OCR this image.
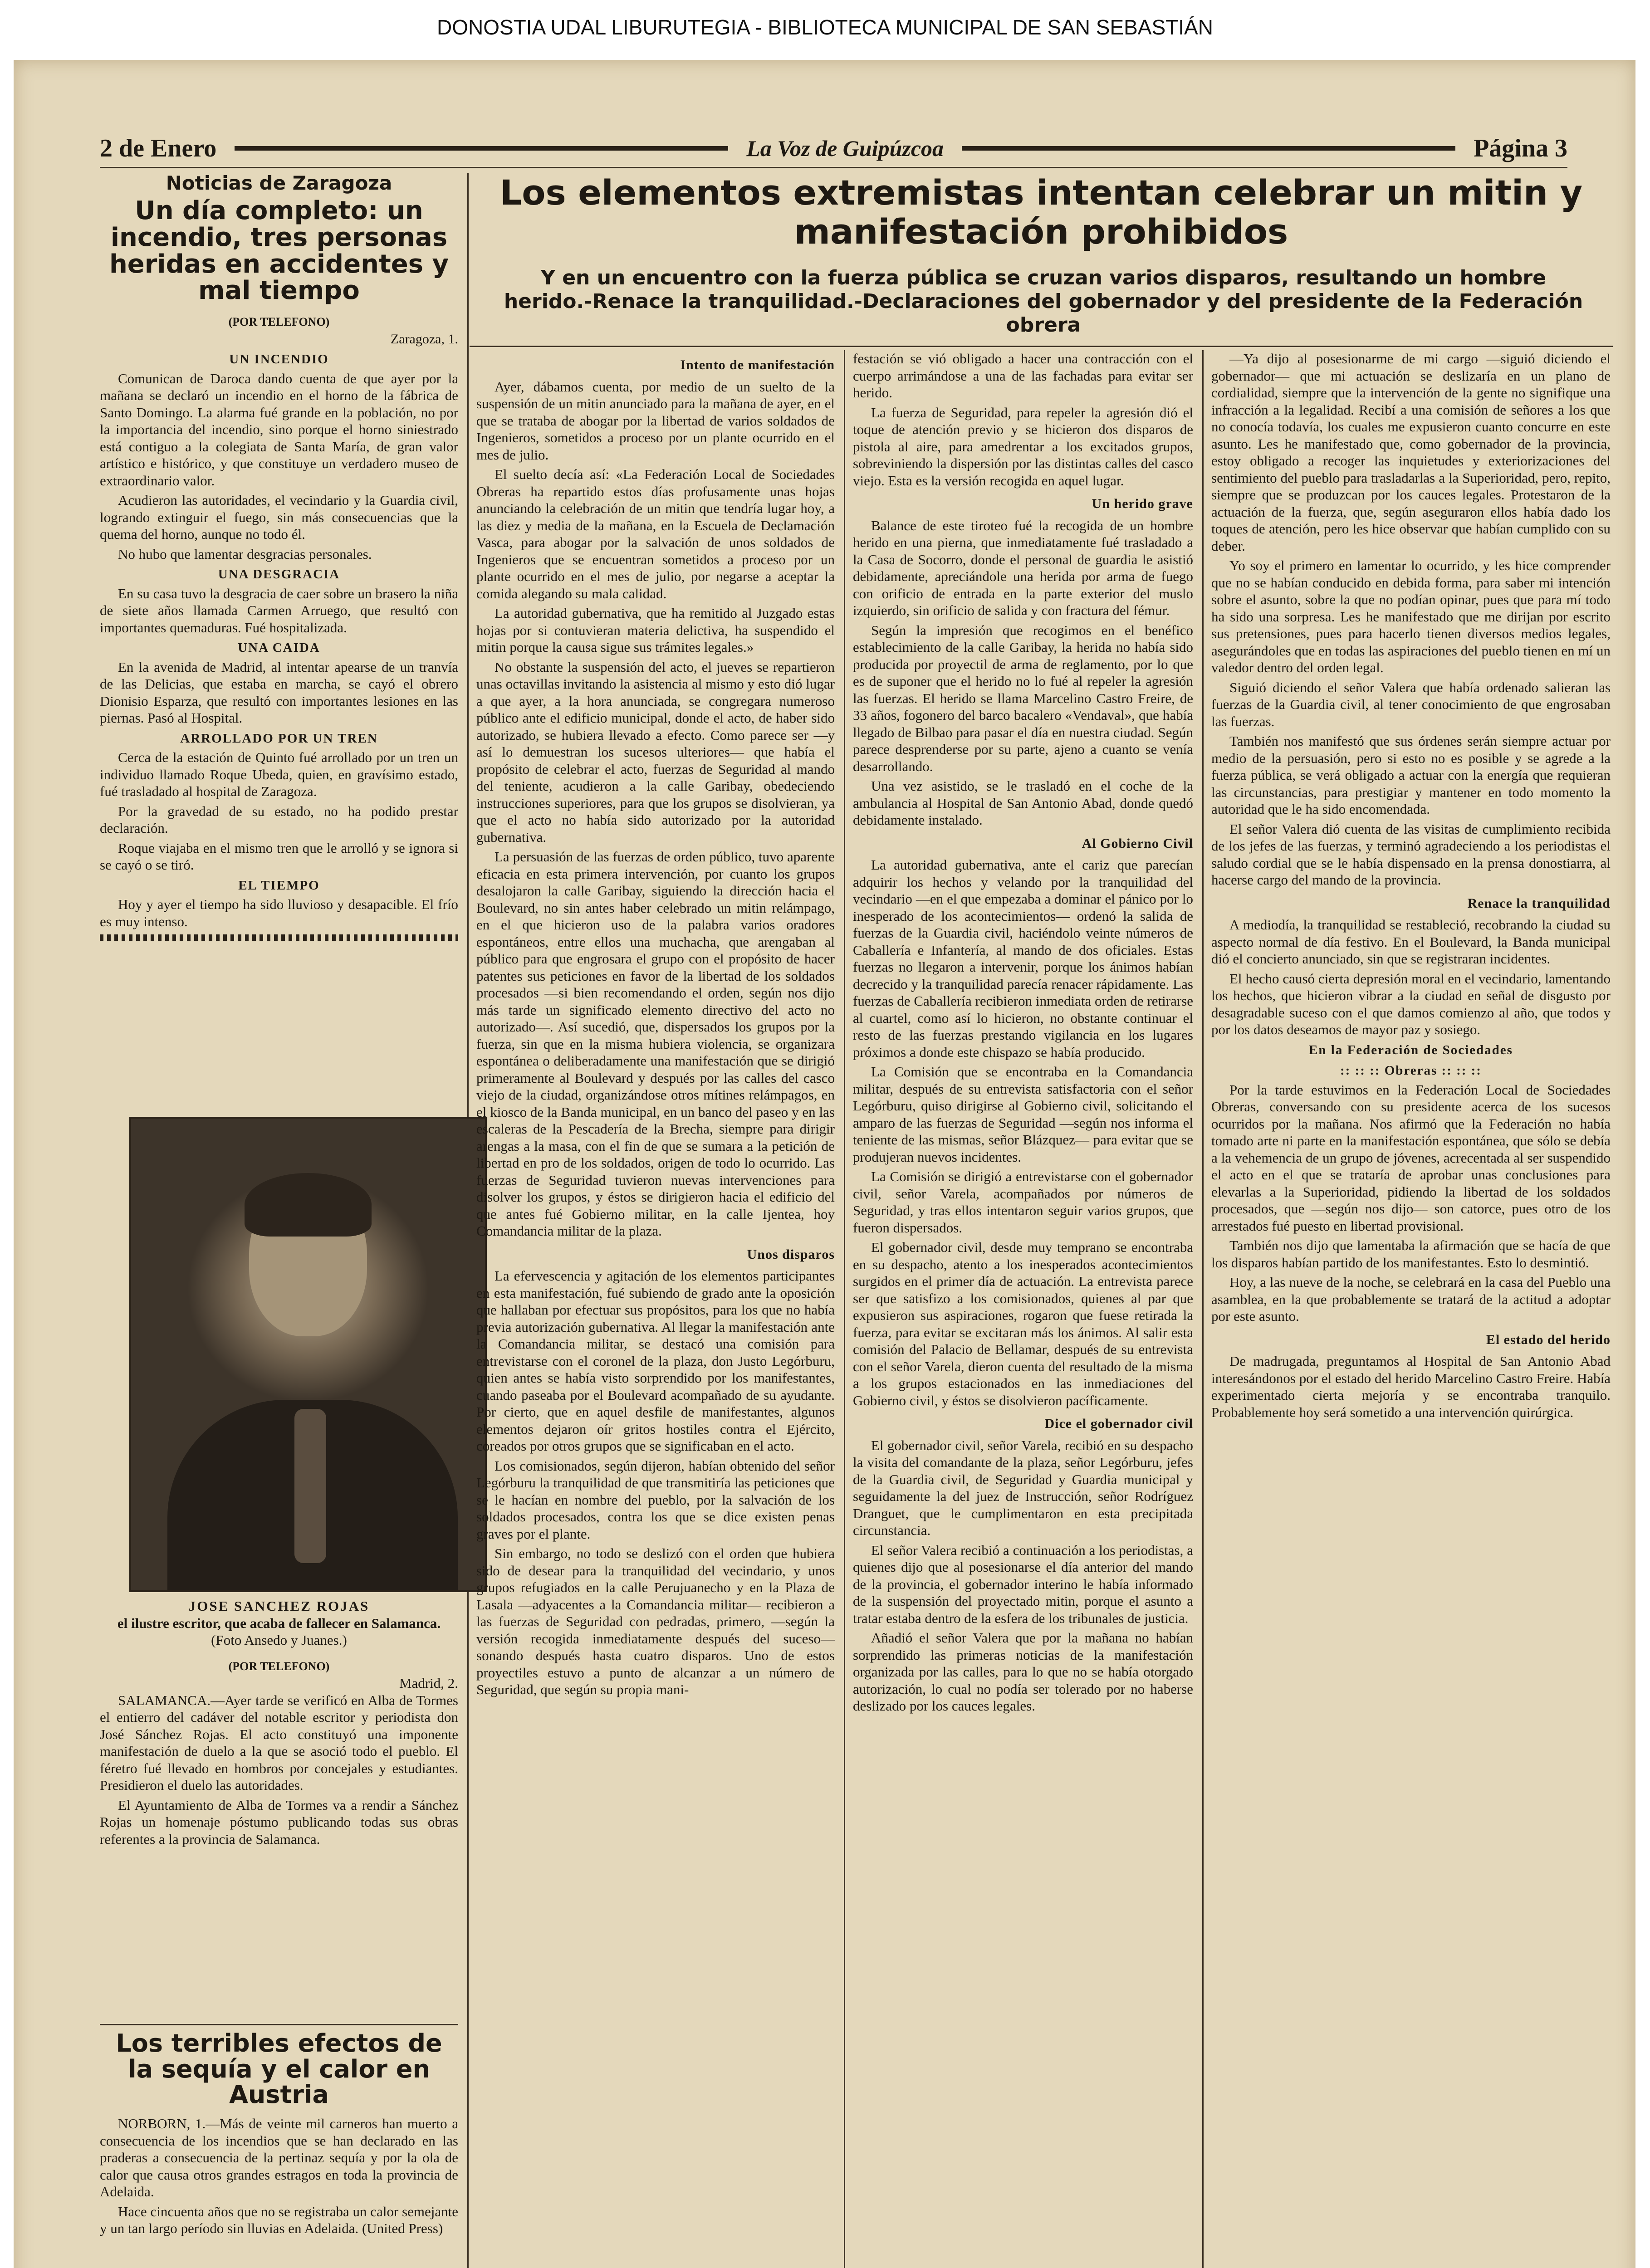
DONOSTIA UDAL LIBURUTEGIA - BIBLIOTECA MUNICIPAL DE SAN SEBASTIÁN
2 de Enero	La Voz de Guipúzcoa	Página 3
Los elementos extremistas intentan celebrar un mitin y manifestación prohibidos
Y en un encuentro con la fuerza pública se cruzan varios disparos, resultando un hombre herido.-Renace la tranquilidad.-Declaraciones del gobernador y del presidente de la Federación obrera
Noticias de Zaragoza
Un día completo: un incendio, tres personas heridas en accidentes y mal tiempo
(POR TELEFONO)
Zaragoza, 1.
UN INCENDIO

Comunican de Daroca dando cuenta de que ayer por la mañana se declaró un incendio en el horno de la fábrica de Santo Domingo. La alarma fué grande en la población, no por la importancia del incendio, sino porque el horno siniestrado está contiguo a la colegiata de Santa María, de gran valor artístico e histórico, y que constituye un verdadero museo de extraordinario valor.

Acudieron las autoridades, el vecindario y la Guardia civil, logrando extinguir el fuego, sin más consecuencias que la quema del horno, aunque no todo él.

No hubo que lamentar desgracias personales.

UNA DESGRACIA

En su casa tuvo la desgracia de caer sobre un brasero la niña de siete años llamada Carmen Arruego, que resultó con importantes quemaduras. Fué hospitalizada.

UNA CAIDA

En la avenida de Madrid, al intentar apearse de un tranvía de las Delicias, que estaba en marcha, se cayó el obrero Dionisio Esparza, que resultó con importantes lesiones en las piernas. Pasó al Hospital.

ARROLLADO POR UN TREN

Cerca de la estación de Quinto fué arrollado por un tren un individuo llamado Roque Ubeda, quien, en gravísimo estado, fué trasladado al hospital de Zaragoza.

Por la gravedad de su estado, no ha podido prestar declaración.

Roque viajaba en el mismo tren que le arrolló y se ignora si se cayó o se tiró.

EL TIEMPO

Hoy y ayer el tiempo ha sido lluvioso y desapacible. El frío es muy intenso.

JOSE SANCHEZ ROJAS
el ilustre escritor, que acaba de fallecer en Salamanca.
(Foto Ansedo y Juanes.)
(POR TELEFONO)
Madrid, 2.

SALAMANCA.—Ayer tarde se verificó en Alba de Tormes el entierro del cadáver del notable escritor y periodista don José Sánchez Rojas. El acto constituyó una imponente manifestación de duelo a la que se asoció todo el pueblo. El féretro fué llevado en hombros por concejales y estudiantes. Presidieron el duelo las autoridades.

El Ayuntamiento de Alba de Tormes va a rendir a Sánchez Rojas un homenaje póstumo publicando todas sus obras referentes a la provincia de Salamanca.

Los terribles efectos de la sequía y el calor en Austria

NORBORN, 1.—Más de veinte mil carneros han muerto a consecuencia de los incendios que se han declarado en las praderas a consecuencia de la pertinaz sequía y por la ola de calor que causa otros grandes estragos en toda la provincia de Adelaida.

Hace cincuenta años que no se registraba un calor semejante y un tan largo período sin lluvias en Adelaida. (United Press)

Intento de manifestación

Ayer, dábamos cuenta, por medio de un suelto de la suspensión de un mitin anunciado para la mañana de ayer, en el que se trataba de abogar por la libertad de varios soldados de Ingenieros, sometidos a proceso por un plante ocurrido en el mes de julio.

El suelto decía así: «La Federación Local de Sociedades Obreras ha repartido estos días profusamente unas hojas anunciando la celebración de un mitin que tendría lugar hoy, a las diez y media de la mañana, en la Escuela de Declamación Vasca, para abogar por la salvación de unos soldados de Ingenieros que se encuentran sometidos a proceso por un plante ocurrido en el mes de julio, por negarse a aceptar la comida alegando su mala calidad.

La autoridad gubernativa, que ha remitido al Juzgado estas hojas por si contuvieran materia delictiva, ha suspendido el mitin porque la causa sigue sus trámites legales.»

No obstante la suspensión del acto, el jueves se repartieron unas octavillas invitando la asistencia al mismo y esto dió lugar a que ayer, a la hora anunciada, se congregara numeroso público ante el edificio municipal, donde el acto, de haber sido autorizado, se hubiera llevado a efecto. Como parece ser —y así lo demuestran los sucesos ulteriores— que había el propósito de celebrar el acto, fuerzas de Seguridad al mando del teniente, acudieron a la calle Garibay, obedeciendo instrucciones superiores, para que los grupos se disolvieran, ya que el acto no había sido autorizado por la autoridad gubernativa.

La persuasión de las fuerzas de orden público, tuvo aparente eficacia en esta primera intervención, por cuanto los grupos desalojaron la calle Garibay, siguiendo la dirección hacia el Boulevard, no sin antes haber celebrado un mitin relámpago, en el que hicieron uso de la palabra varios oradores espontáneos, entre ellos una muchacha, que arengaban al público para que engrosara el grupo con el propósito de hacer patentes sus peticiones en favor de la libertad de los soldados procesados —si bien recomendando el orden, según nos dijo más tarde un significado elemento directivo del acto no autorizado—. Así sucedió, que, dispersados los grupos por la fuerza, sin que en la misma hubiera violencia, se organizara espontánea o deliberadamente una manifestación que se dirigió primeramente al Boulevard y después por las calles del casco viejo de la ciudad, organizándose otros mítines relámpagos, en el kiosco de la Banda municipal, en un banco del paseo y en las escaleras de la Pescadería de la Brecha, siempre para dirigir arengas a la masa, con el fin de que se sumara a la petición de libertad en pro de los soldados, origen de todo lo ocurrido. Las fuerzas de Seguridad tuvieron nuevas intervenciones para disolver los grupos, y éstos se dirigieron hacia el edificio del que antes fué Gobierno militar, en la calle Ijentea, hoy Comandancia militar de la plaza.

Unos disparos

La efervescencia y agitación de los elementos participantes en esta manifestación, fué subiendo de grado ante la oposición que hallaban por efectuar sus propósitos, para los que no había previa autorización gubernativa. Al llegar la manifestación ante la Comandancia militar, se destacó una comisión para entrevistarse con el coronel de la plaza, don Justo Legórburu, quien antes se había visto sorprendido por los manifestantes, cuando paseaba por el Boulevard acompañado de su ayudante. Por cierto, que en aquel desfile de manifestantes, algunos elementos dejaron oír gritos hostiles contra el Ejército, coreados por otros grupos que se significaban en el acto.

Los comisionados, según dijeron, habían obtenido del señor Legórburu la tranquilidad de que transmitiría las peticiones que se le hacían en nombre del pueblo, por la salvación de los soldados procesados, contra los que se dice existen penas graves por el plante.

Sin embargo, no todo se deslizó con el orden que hubiera sido de desear para la tranquilidad del vecindario, y unos grupos refugiados en la calle Perujuanecho y en la Plaza de Lasala —adyacentes a la Comandancia militar— recibieron a las fuerzas de Seguridad con pedradas, primero, —según la versión recogida inmediatamente después del suceso— sonando después hasta cuatro disparos. Uno de estos proyectiles estuvo a punto de alcanzar a un número de Seguridad, que según su propia mani-

festación se vió obligado a hacer una contracción con el cuerpo arrimándose a una de las fachadas para evitar ser herido.

La fuerza de Seguridad, para repeler la agresión dió el toque de atención previo y se hicieron dos disparos de pistola al aire, para amedrentar a los excitados grupos, sobreviniendo la dispersión por las distintas calles del casco viejo. Esta es la versión recogida en aquel lugar.

Un herido grave

Balance de este tiroteo fué la recogida de un hombre herido en una pierna, que inmediatamente fué trasladado a la Casa de Socorro, donde el personal de guardia le asistió debidamente, apreciándole una herida por arma de fuego con orificio de entrada en la parte exterior del muslo izquierdo, sin orificio de salida y con fractura del fémur.

Según la impresión que recogimos en el benéfico establecimiento de la calle Garibay, la herida no había sido producida por proyectil de arma de reglamento, por lo que es de suponer que el herido no lo fué al repeler la agresión las fuerzas. El herido se llama Marcelino Castro Freire, de 33 años, fogonero del barco bacalero «Vendaval», que había llegado de Bilbao para pasar el día en nuestra ciudad. Según parece desprenderse por su parte, ajeno a cuanto se venía desarrollando.

Una vez asistido, se le trasladó en el coche de la ambulancia al Hospital de San Antonio Abad, donde quedó debidamente instalado.

Al Gobierno Civil

La autoridad gubernativa, ante el cariz que parecían adquirir los hechos y velando por la tranquilidad del vecindario —en el que empezaba a dominar el pánico por lo inesperado de los acontecimientos— ordenó la salida de fuerzas de la Guardia civil, haciéndolo veinte números de Caballería e Infantería, al mando de dos oficiales. Estas fuerzas no llegaron a intervenir, porque los ánimos habían decrecido y la tranquilidad parecía renacer rápidamente. Las fuerzas de Caballería recibieron inmediata orden de retirarse al cuartel, como así lo hicieron, no obstante continuar el resto de las fuerzas prestando vigilancia en los lugares próximos a donde este chispazo se había producido.

La Comisión que se encontraba en la Comandancia militar, después de su entrevista satisfactoria con el señor Legórburu, quiso dirigirse al Gobierno civil, solicitando el amparo de las fuerzas de Seguridad —según nos informa el teniente de las mismas, señor Blázquez— para evitar que se produjeran nuevos incidentes.

La Comisión se dirigió a entrevistarse con el gobernador civil, señor Varela, acompañados por números de Seguridad, y tras ellos intentaron seguir varios grupos, que fueron dispersados.

El gobernador civil, desde muy temprano se encontraba en su despacho, atento a los inesperados acontecimientos surgidos en el primer día de actuación. La entrevista parece ser que satisfizo a los comisionados, quienes al par que expusieron sus aspiraciones, rogaron que fuese retirada la fuerza, para evitar se excitaran más los ánimos. Al salir esta comisión del Palacio de Bellamar, después de su entrevista con el señor Varela, dieron cuenta del resultado de la misma a los grupos estacionados en las inmediaciones del Gobierno civil, y éstos se disolvieron pacíficamente.

Dice el gobernador civil

El gobernador civil, señor Varela, recibió en su despacho la visita del comandante de la plaza, señor Legórburu, jefes de la Guardia civil, de Seguridad y Guardia municipal y seguidamente la del juez de Instrucción, señor Rodríguez Dranguet, que le cumplimentaron en esta precipitada circunstancia.

El señor Valera recibió a continuación a los periodistas, a quienes dijo que al posesionarse el día anterior del mando de la provincia, el gobernador interino le había informado de la suspensión del proyectado mitin, porque el asunto a tratar estaba dentro de la esfera de los tribunales de justicia.

Añadió el señor Valera que por la mañana no habían sorprendido las primeras noticias de la manifestación organizada por las calles, para lo que no se había otorgado autorización, lo cual no podía ser tolerado por no haberse deslizado por los cauces legales.

—Ya dijo al posesionarme de mi cargo —siguió diciendo el gobernador— que mi actuación se deslizaría en un plano de cordialidad, siempre que la intervención de la gente no signifique una infracción a la legalidad. Recibí a una comisión de señores a los que no conocía todavía, los cuales me expusieron cuanto concurre en este asunto. Les he manifestado que, como gobernador de la provincia, estoy obligado a recoger las inquietudes y exteriorizaciones del sentimiento del pueblo para trasladarlas a la Superioridad, pero, repito, siempre que se produzcan por los cauces legales. Protestaron de la actuación de la fuerza, que, según aseguraron ellos había dado los toques de atención, pero les hice observar que habían cumplido con su deber.

Yo soy el primero en lamentar lo ocurrido, y les hice comprender que no se habían conducido en debida forma, para saber mi intención sobre el asunto, sobre la que no podían opinar, pues que para mí todo ha sido una sorpresa. Les he manifestado que me dirijan por escrito sus pretensiones, pues para hacerlo tienen diversos medios legales, asegurándoles que en todas las aspiraciones del pueblo tienen en mí un valedor dentro del orden legal.

Siguió diciendo el señor Valera que había ordenado salieran las fuerzas de la Guardia civil, al tener conocimiento de que engrosaban las fuerzas.

También nos manifestó que sus órdenes serán siempre actuar por medio de la persuasión, pero si esto no es posible y se agrede a la fuerza pública, se verá obligado a actuar con la energía que requieran las circunstancias, para prestigiar y mantener en todo momento la autoridad que le ha sido encomendada.

El señor Valera dió cuenta de las visitas de cumplimiento recibida de los jefes de las fuerzas, y terminó agradeciendo a los periodistas el saludo cordial que se le había dispensado en la prensa donostiarra, al hacerse cargo del mando de la provincia.

Renace la tranquilidad

A mediodía, la tranquilidad se restableció, recobrando la ciudad su aspecto normal de día festivo. En el Boulevard, la Banda municipal dió el concierto anunciado, sin que se registraran incidentes.

El hecho causó cierta depresión moral en el vecindario, lamentando los hechos, que hicieron vibrar a la ciudad en señal de disgusto por desagradable suceso con el que damos comienzo al año, que todos y por los datos deseamos de mayor paz y sosiego.

En la Federación de Sociedades
:: :: :: Obreras :: :: ::

Por la tarde estuvimos en la Federación Local de Sociedades Obreras, conversando con su presidente acerca de los sucesos ocurridos por la mañana. Nos afirmó que la Federación no había tomado arte ni parte en la manifestación espontánea, que sólo se debía a la vehemencia de un grupo de jóvenes, acrecentada al ser suspendido el acto en el que se trataría de aprobar unas conclusiones para elevarlas a la Superioridad, pidiendo la libertad de los soldados procesados, que —según nos dijo— son catorce, pues otro de los arrestados fué puesto en libertad provisional.

También nos dijo que lamentaba la afirmación que se hacía de que los disparos habían partido de los manifestantes. Esto lo desmintió.

Hoy, a las nueve de la noche, se celebrará en la casa del Pueblo una asamblea, en la que probablemente se tratará de la actitud a adoptar por este asunto.

El estado del herido

De madrugada, preguntamos al Hospital de San Antonio Abad interesándonos por el estado del herido Marcelino Castro Freire. Había experimentado cierta mejoría y se encontraba tranquilo. Probablemente hoy será sometido a una intervención quirúrgica.
